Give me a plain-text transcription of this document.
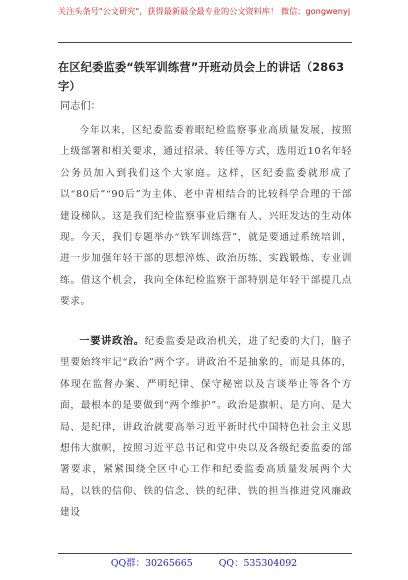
关注头条号"公文研究"，获得最新最全最专业的公文资料库！ 微信：gongwenyj
在区纪委监委“铁军训练营”开班动员会上的讲话（2863字）
同志们：

今年以来，区纪委监委着眼纪检监察事业高质量发展，按照上级部署和相关要求，通过招录、转任等方式，选用近10名年轻公务员加入到我们这个大家庭。这样，区纪委监委就形成了以“80后”“90后”为主体、老中青相结合的比较科学合理的干部建设梯队。这是我们纪检监察事业后继有人、兴旺发达的生动体现。今天，我们专题举办“铁军训练营”，就是要通过系统培训，进一步加强年轻干部的思想淬炼、政治历练、实践锻炼、专业训练。借这个机会，我向全体纪检监察干部特别是年轻干部提几点要求。

一要讲政治。纪委监委是政治机关，进了纪委的大门，脑子里要始终牢记“政治”两个字。讲政治不是抽象的，而是具体的，体现在监督办案、严明纪律、保守秘密以及言谈举止等各个方面，最根本的是要做到“两个维护”。政治是旗帜、是方向、是大局、是纪律，讲政治就要高举习近平新时代中国特色社会主义思想伟大旗帜，按照习近平总书记和党中央以及各级纪委监委的部署要求，紧紧围绕全区中心工作和纪委监委高质量发展两个大局，以铁的信仰、铁的信念、铁的纪律、铁的担当推进党风廉政建设

QQ群：30265665	QQ：535304092
